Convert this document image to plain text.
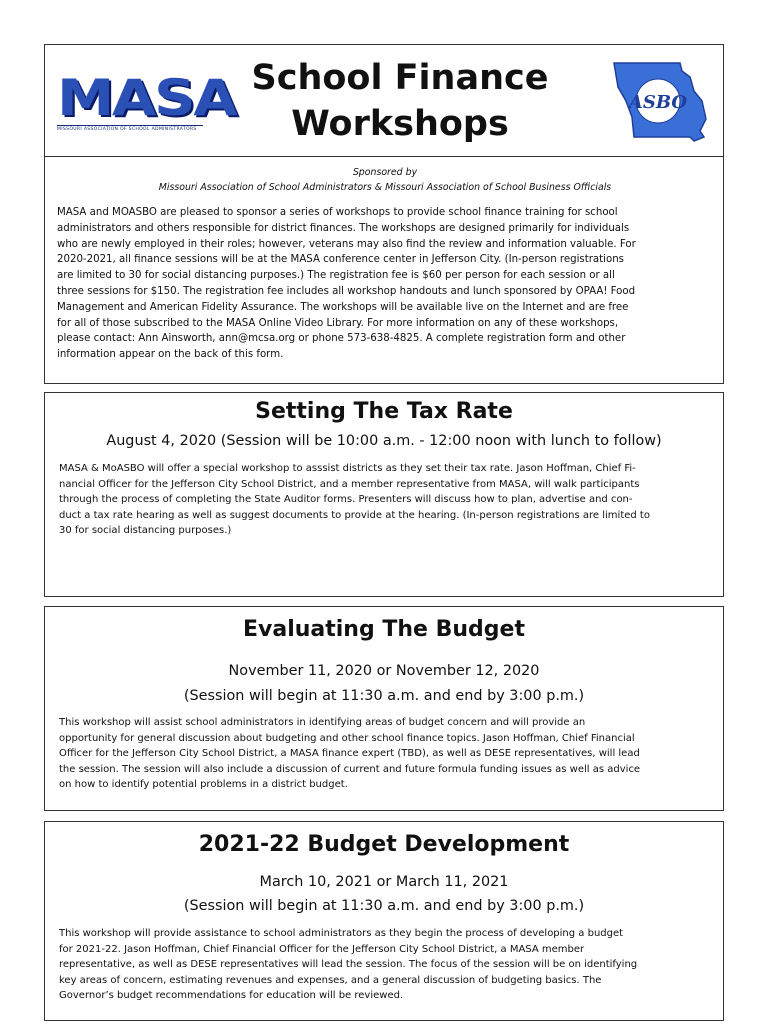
MASA
MISSOURI ASSOCIATION OF SCHOOL ADMINISTRATORS
School Finance
Workshops
ASBO
Sponsored by
Missouri Association of School Administrators & Missouri Association of School Business Officials
MASA and MOASBO are pleased to sponsor a series of workshops to provide school finance training for school
administrators and others responsible for district finances. The workshops are designed primarily for individuals
who are newly employed in their roles; however, veterans may also find the review and information valuable. For
2020-2021, all finance sessions will be at the MASA conference center in Jefferson City. (In-person registrations
are limited to 30 for social distancing purposes.) The registration fee is $60 per person for each session or all
three sessions for $150. The registration fee includes all workshop handouts and lunch sponsored by OPAA! Food
Management and American Fidelity Assurance. The workshops will be available live on the Internet and are free
for all of those subscribed to the MASA Online Video Library. For more information on any of these workshops,
please contact: Ann Ainsworth, ann@mcsa.org or phone 573-638-4825. A complete registration form and other
information appear on the back of this form.
Setting The Tax Rate
August 4, 2020 (Session will be 10:00 a.m. - 12:00 noon with lunch to follow)
MASA & MoASBO will offer a special workshop to asssist districts as they set their tax rate. Jason Hoffman, Chief Fi-
nancial Officer for the Jefferson City School District, and a member representative from MASA, will walk participants
through the process of completing the State Auditor forms. Presenters will discuss how to plan, advertise and con-
duct a tax rate hearing as well as suggest documents to provide at the hearing. (In-person registrations are limited to
30 for social distancing purposes.)
Evaluating The Budget
November 11, 2020 or November 12, 2020
(Session will begin at 11:30 a.m. and end by 3:00 p.m.)
This workshop will assist school administrators in identifying areas of budget concern and will provide an
opportunity for general discussion about budgeting and other school finance topics. Jason Hoffman, Chief Financial
Officer for the Jefferson City School District, a MASA finance expert (TBD), as well as DESE representatives, will lead
the session. The session will also include a discussion of current and future formula funding issues as well as advice
on how to identify potential problems in a district budget.
2021-22 Budget Development
March 10, 2021 or March 11, 2021
(Session will begin at 11:30 a.m. and end by 3:00 p.m.)
This workshop will provide assistance to school administrators as they begin the process of developing a budget
for 2021-22. Jason Hoffman, Chief Financial Officer for the Jefferson City School District, a MASA member
representative, as well as DESE representatives will lead the session. The focus of the session will be on identifying
key areas of concern, estimating revenues and expenses, and a general discussion of budgeting basics. The
Governor’s budget recommendations for education will be reviewed.
